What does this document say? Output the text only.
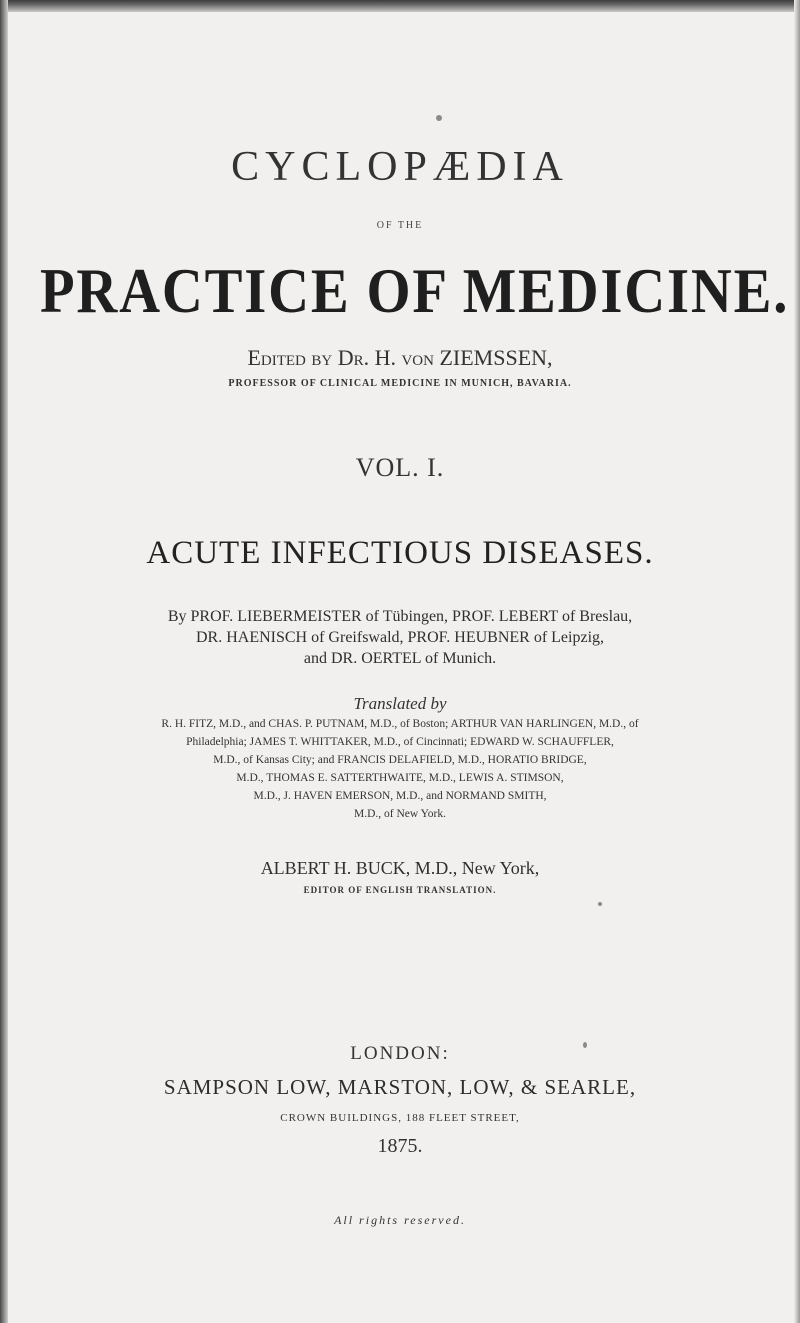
CYCLOPÆDIA
OF THE
PRACTICE OF MEDICINE.
Edited by Dr. H. von ZIEMSSEN,
PROFESSOR OF CLINICAL MEDICINE IN MUNICH, BAVARIA.
VOL. I.
ACUTE INFECTIOUS DISEASES.
By PROF. LIEBERMEISTER of Tübingen, PROF. LEBERT of Breslau,
DR. HAENISCH of Greifswald, PROF. HEUBNER of Leipzig,
and DR. OERTEL of Munich.
Translated by
R. H. FITZ, M.D., and CHAS. P. PUTNAM, M.D., of Boston; ARTHUR VAN HARLINGEN, M.D., of
Philadelphia; JAMES T. WHITTAKER, M.D., of Cincinnati; EDWARD W. SCHAUFFLER,
M.D., of Kansas City; and FRANCIS DELAFIELD, M.D., HORATIO BRIDGE,
M.D., THOMAS E. SATTERTHWAITE, M.D., LEWIS A. STIMSON,
M.D., J. HAVEN EMERSON, M.D., and NORMAND SMITH,
M.D., of New York.
ALBERT H. BUCK, M.D., New York,
EDITOR OF ENGLISH TRANSLATION.
LONDON:
SAMPSON LOW, MARSTON, LOW, & SEARLE,
CROWN BUILDINGS, 188 FLEET STREET,
1875.
All rights reserved.
